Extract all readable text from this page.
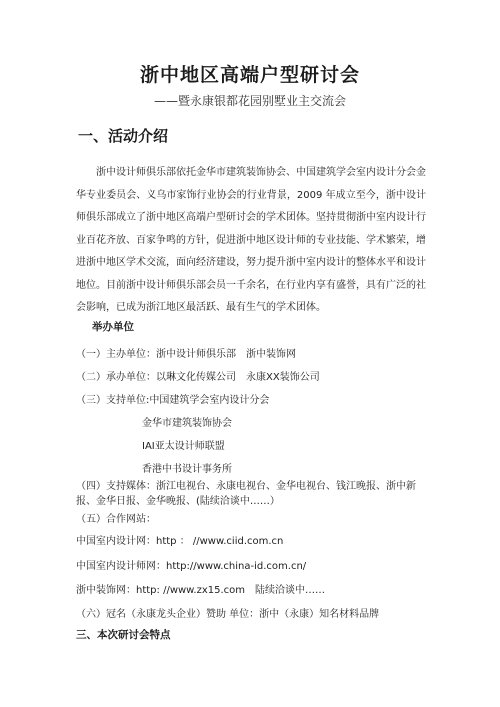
浙中地区高端户型研讨会
——暨永康银都花园别墅业主交流会
一、活动介绍

浙中设计师俱乐部依托金华市建筑装饰协会、中国建筑学会室内设计分会金华专业委员会、义乌市家饰行业协会的行业背景，2009 年成立至今，浙中设计师俱乐部成立了浙中地区高端户型研讨会的学术团体。坚持贯彻浙中室内设计行业百花齐放、百家争鸣的方针，促进浙中地区设计师的专业技能、学术繁荣，增进浙中地区学术交流，面向经济建设，努力提升浙中室内设计的整体水平和设计地位。目前浙中设计师俱乐部会员一千余名，在行业内享有盛誉，具有广泛的社会影响，已成为浙江地区最活跃、最有生气的学术团体。

举办单位
（一）主办单位：浙中设计师俱乐部　浙中装饰网
（二）承办单位：以琳文化传媒公司　永康XX装饰公司
（三）支持单位:中国建筑学会室内设计分会
金华市建筑装饰协会
IAI亚太设计师联盟
香港中书设计事务所
（四）支持媒体：浙江电视台、永康电视台、金华电视台、钱江晚报、浙中新报、金华日报、金华晚报、(陆续洽谈中……）
（五）合作网站：
中国室内设计网：http ： //www.ciid.com.cn
中国室内设计师网：http://www.china-id.com.cn/
浙中装饰网：http: //www.zx15.com　陆续洽谈中……
（六）冠名（永康龙头企业）赞助 单位：浙中（永康）知名材料品牌
三、本次研讨会特点
